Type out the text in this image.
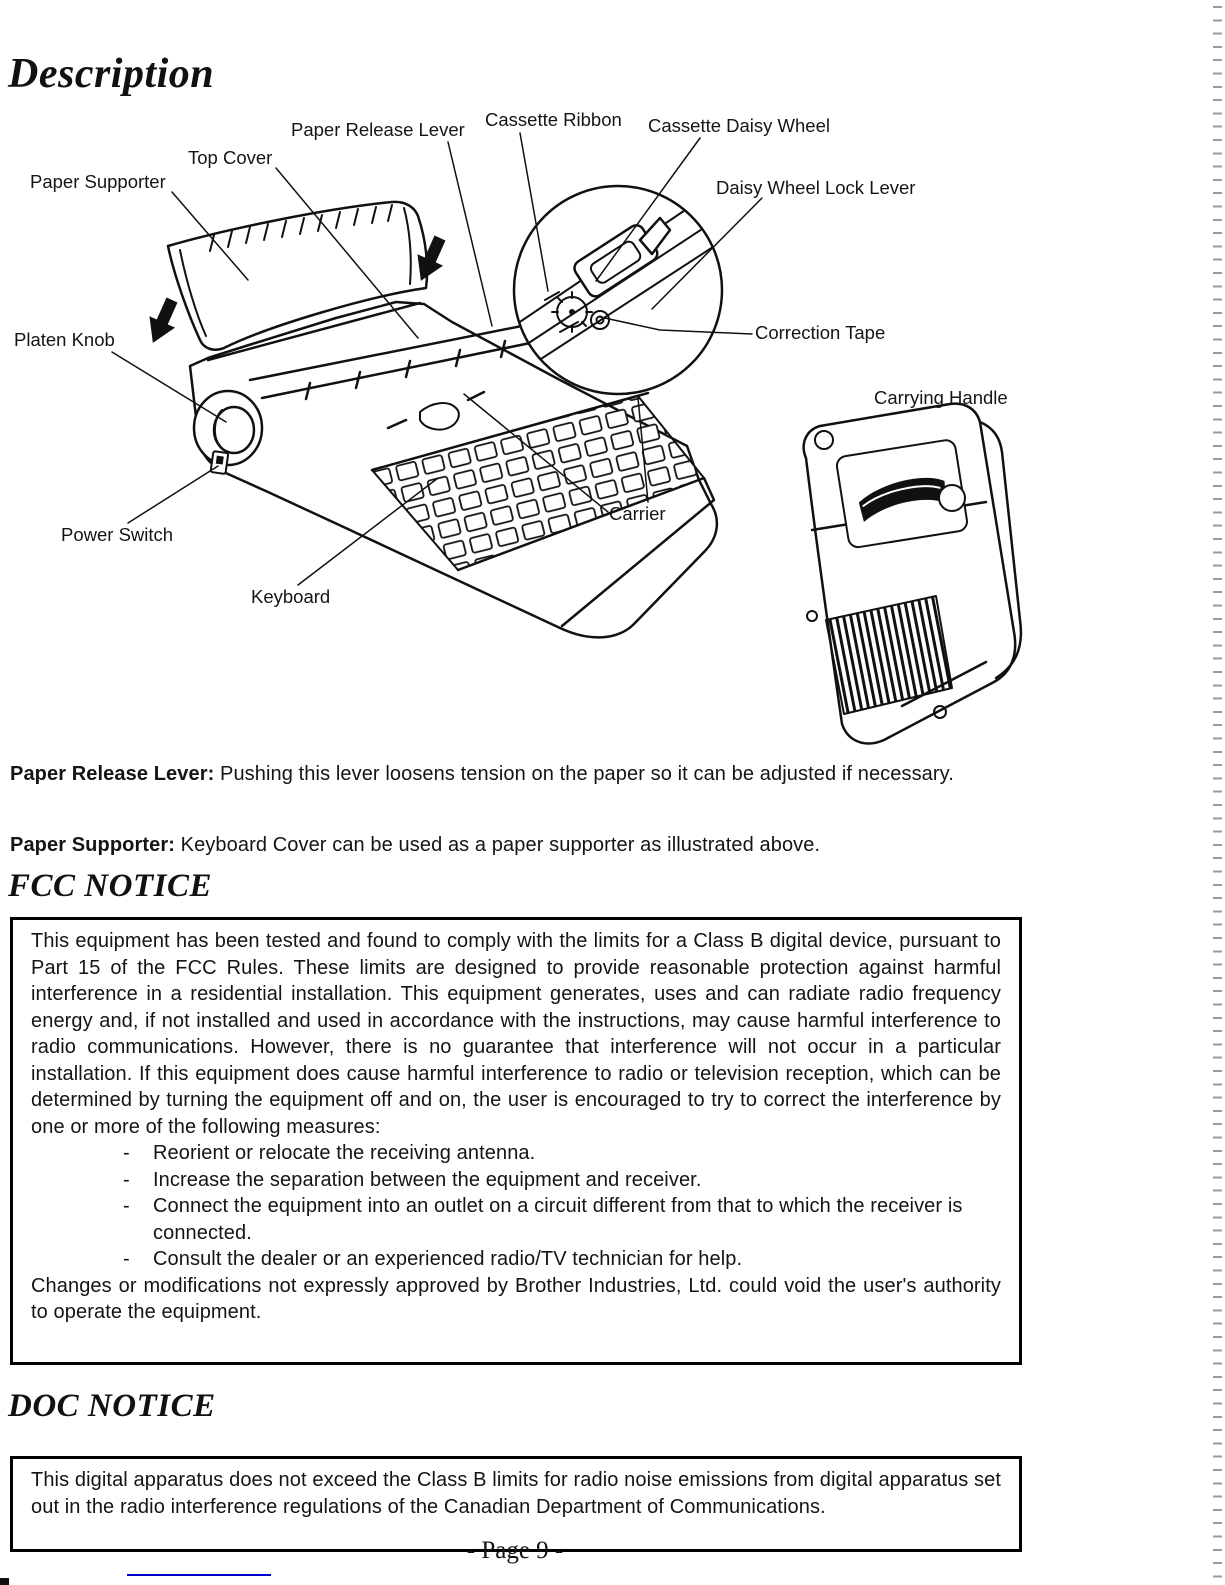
Description
Paper Release Lever Cassette Ribbon Cassette Daisy Wheel
Top Cover
Paper Supporter	Daisy Wheel Lock Lever
Platen Knob	Correction Tape
Carrying Handle
Power Switch
Carrier
Keyboard
Paper Release Lever: Pushing this lever loosens tension on the paper so it can be adjusted if necessary.
Paper Supporter: Keyboard Cover can be used as a paper supporter as illustrated above.
FCC NOTICE
This equipment has been tested and found to comply with the limits for a Class B digital device, pursuant to Part 15 of the FCC Rules. These limits are designed to provide reasonable protection against harmful interference in a residential installation. This equipment generates, uses and can radiate radio frequency energy and, if not installed and used in accordance with the instructions, may cause harmful interference to radio communications. However, there is no guarantee that interference will not occur in a particular installation. If this equipment does cause harmful interference to radio or television reception, which can be determined by turning the equipment off and on, the user is encouraged to try to correct the interference by one or more of the following measures:
-	Reorient or relocate the receiving antenna.
-	Increase the separation between the equipment and receiver.
-	Connect the equipment into an outlet on a circuit different from that to which the receiver is connected.
-	Consult the dealer or an experienced radio/TV technician for help.
Changes or modifications not expressly approved by Brother Industries, Ltd. could void the user's authority to operate the equipment.
DOC NOTICE
This digital apparatus does not exceed the Class B limits for radio noise emissions from digital apparatus set out in the radio interference regulations of the Canadian Department of Communications.
- Page 9 -
